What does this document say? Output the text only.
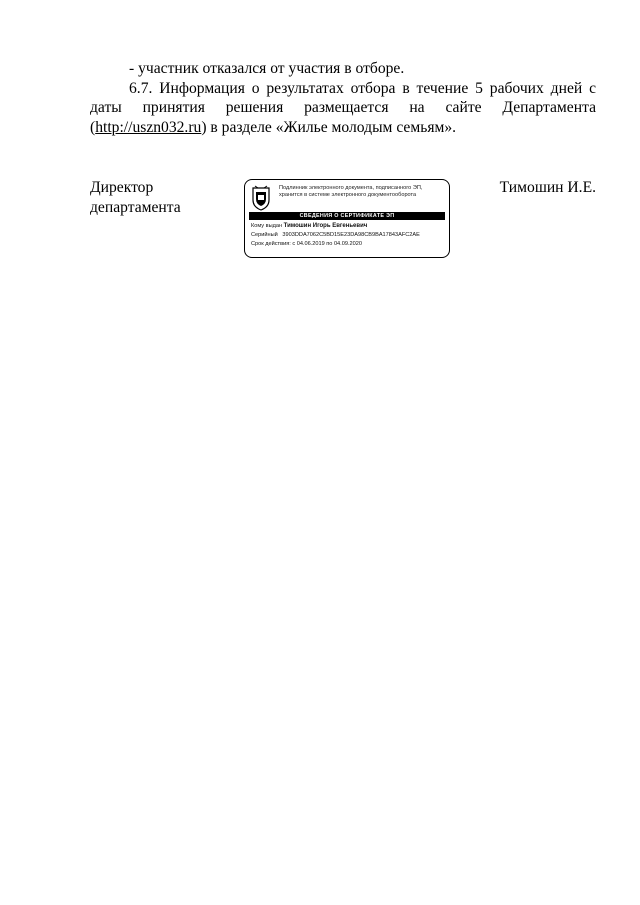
- участник отказался от участия в отборе.

6.7. Информация о результатах отбора в течение 5 рабочих дней с даты принятия решения размещается на сайте Департамента (http://uszn032.ru) в разделе «Жилье молодым семьям».

Директор
департамента
Подлинник электронного документа, подписанного ЭП,
хранится в системе электронного документооборота
СВЕДЕНИЯ О СЕРТИФИКАТЕ ЭП
Кому выдан Тимошин Игорь Евгеньевич
Серийный 3903DDA7062C5BD15E23DA98CB9BA17843AFC2AE
Срок действия: с 04.06.2019 по 04.09.2020
Тимошин И.Е.
